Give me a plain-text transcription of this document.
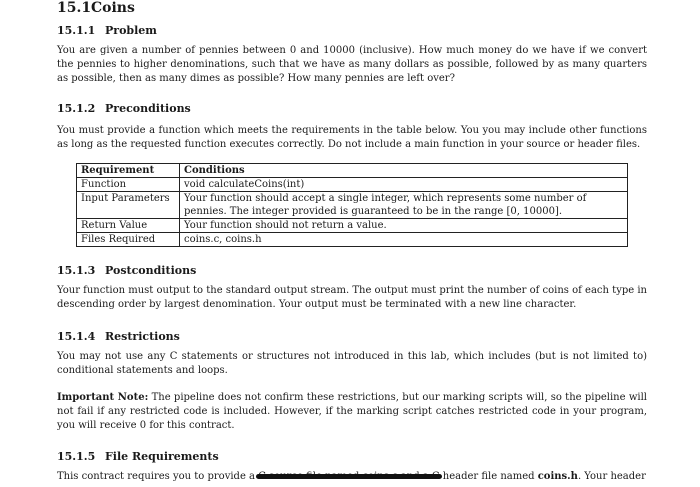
15.1Coins
15.1.1 Problem
You are given a number of pennies between 0 and 10000 (inclusive). How much money do we have if we convert the pennies to higher denominations, such that we have as many dollars as possible, followed by as many quarters as possible, then as many dimes as possible? How many pennies are left over?
15.1.2 Preconditions
You must provide a function which meets the requirements in the table below. You you may include other functions as long as the requested function executes correctly. Do not include a main function in your source or header files.
Requirement	Conditions
Function	void calculateCoins(int)
Input Parameters	Your function should accept a single integer, which represents some number of pennies. The integer provided is guaranteed to be in the range [0, 10000].
Return Value	Your function should not return a value.
Files Required	coins.c, coins.h
15.1.3 Postconditions
Your function must output to the standard output stream. The output must print the number of coins of each type in descending order by largest denomination. Your output must be terminated with a new line character.
15.1.4 Restrictions
You may not use any C statements or structures not introduced in this lab, which includes (but is not limited to) conditional statements and loops.
Important Note: The pipeline does not confirm these restrictions, but our marking scripts will, so the pipeline will not fail if any restricted code is included. However, if the marking script catches restricted code in your program, you will receive 0 for this contract.
15.1.5 File Requirements
This contract requires you to provide a	header file named coins.h. Your header
